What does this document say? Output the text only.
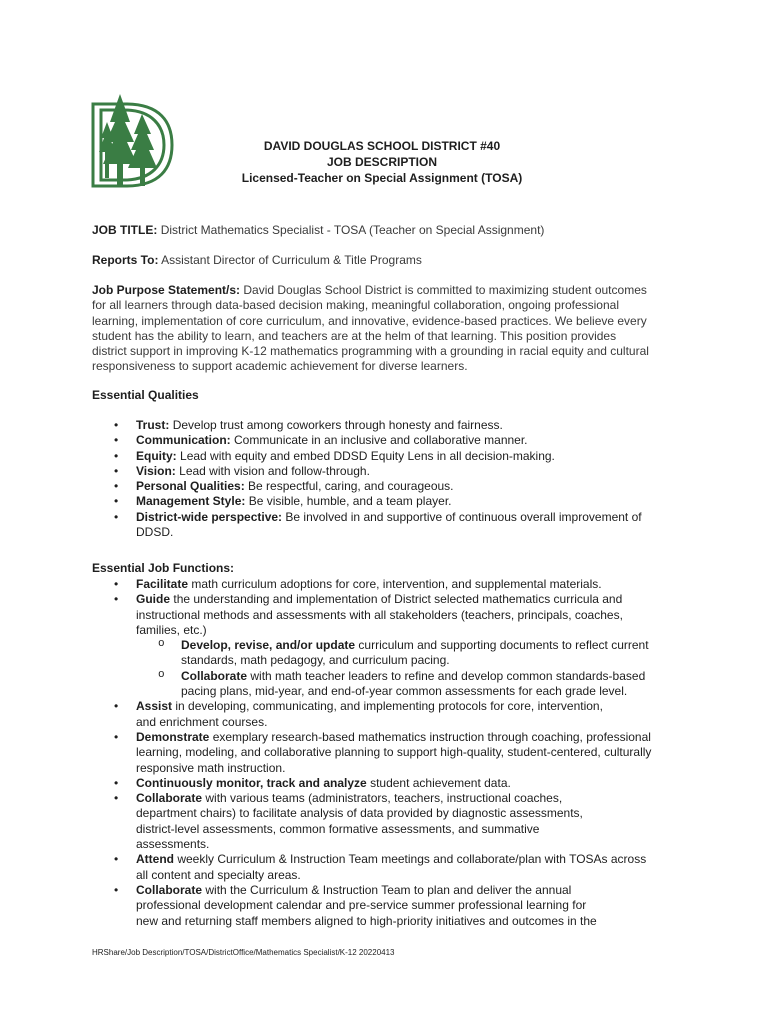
DAVID DOUGLAS SCHOOL DISTRICT #40
JOB DESCRIPTION
Licensed-Teacher on Special Assignment (TOSA)
JOB TITLE: District Mathematics Specialist - TOSA (Teacher on Special Assignment)
Reports To: Assistant Director of Curriculum & Title Programs
Job Purpose Statement/s: David Douglas School District is committed to maximizing student outcomes
for all learners through data-based decision making, meaningful collaboration, ongoing professional
learning, implementation of core curriculum, and innovative, evidence-based practices. We believe every
student has the ability to learn, and teachers are at the helm of that learning. This position provides
district support in improving K-12 mathematics programming with a grounding in racial equity and cultural
responsiveness to support academic achievement for diverse learners.
Essential Qualities
• Trust: Develop trust among coworkers through honesty and fairness.
• Communication: Communicate in an inclusive and collaborative manner.
• Equity: Lead with equity and embed DDSD Equity Lens in all decision-making.
• Vision: Lead with vision and follow-through.
• Personal Qualities: Be respectful, caring, and courageous.
• Management Style: Be visible, humble, and a team player.
• District-wide perspective: Be involved in and supportive of continuous overall improvement of
DDSD.
Essential Job Functions:
• Facilitate math curriculum adoptions for core, intervention, and supplemental materials.
• Guide the understanding and implementation of District selected mathematics curricula and
instructional methods and assessments with all stakeholders (teachers, principals, coaches,
families, etc.)
o Develop, revise, and/or update curriculum and supporting documents to reflect current
standards, math pedagogy, and curriculum pacing.
o Collaborate with math teacher leaders to refine and develop common standards-based
pacing plans, mid-year, and end-of-year common assessments for each grade level.
• Assist in developing, communicating, and implementing protocols for core, intervention,
and enrichment courses.
• Demonstrate exemplary research-based mathematics instruction through coaching, professional
learning, modeling, and collaborative planning to support high-quality, student-centered, culturally
responsive math instruction.
• Continuously monitor, track and analyze student achievement data.
• Collaborate with various teams (administrators, teachers, instructional coaches,
department chairs) to facilitate analysis of data provided by diagnostic assessments,
district-level assessments, common formative assessments, and summative
assessments.
• Attend weekly Curriculum & Instruction Team meetings and collaborate/plan with TOSAs across
all content and specialty areas.
• Collaborate with the Curriculum & Instruction Team to plan and deliver the annual
professional development calendar and pre-service summer professional learning for
new and returning staff members aligned to high-priority initiatives and outcomes in the
HRShare/Job Description/TOSA/DistrictOffice/Mathematics Specialist/K-12 20220413
